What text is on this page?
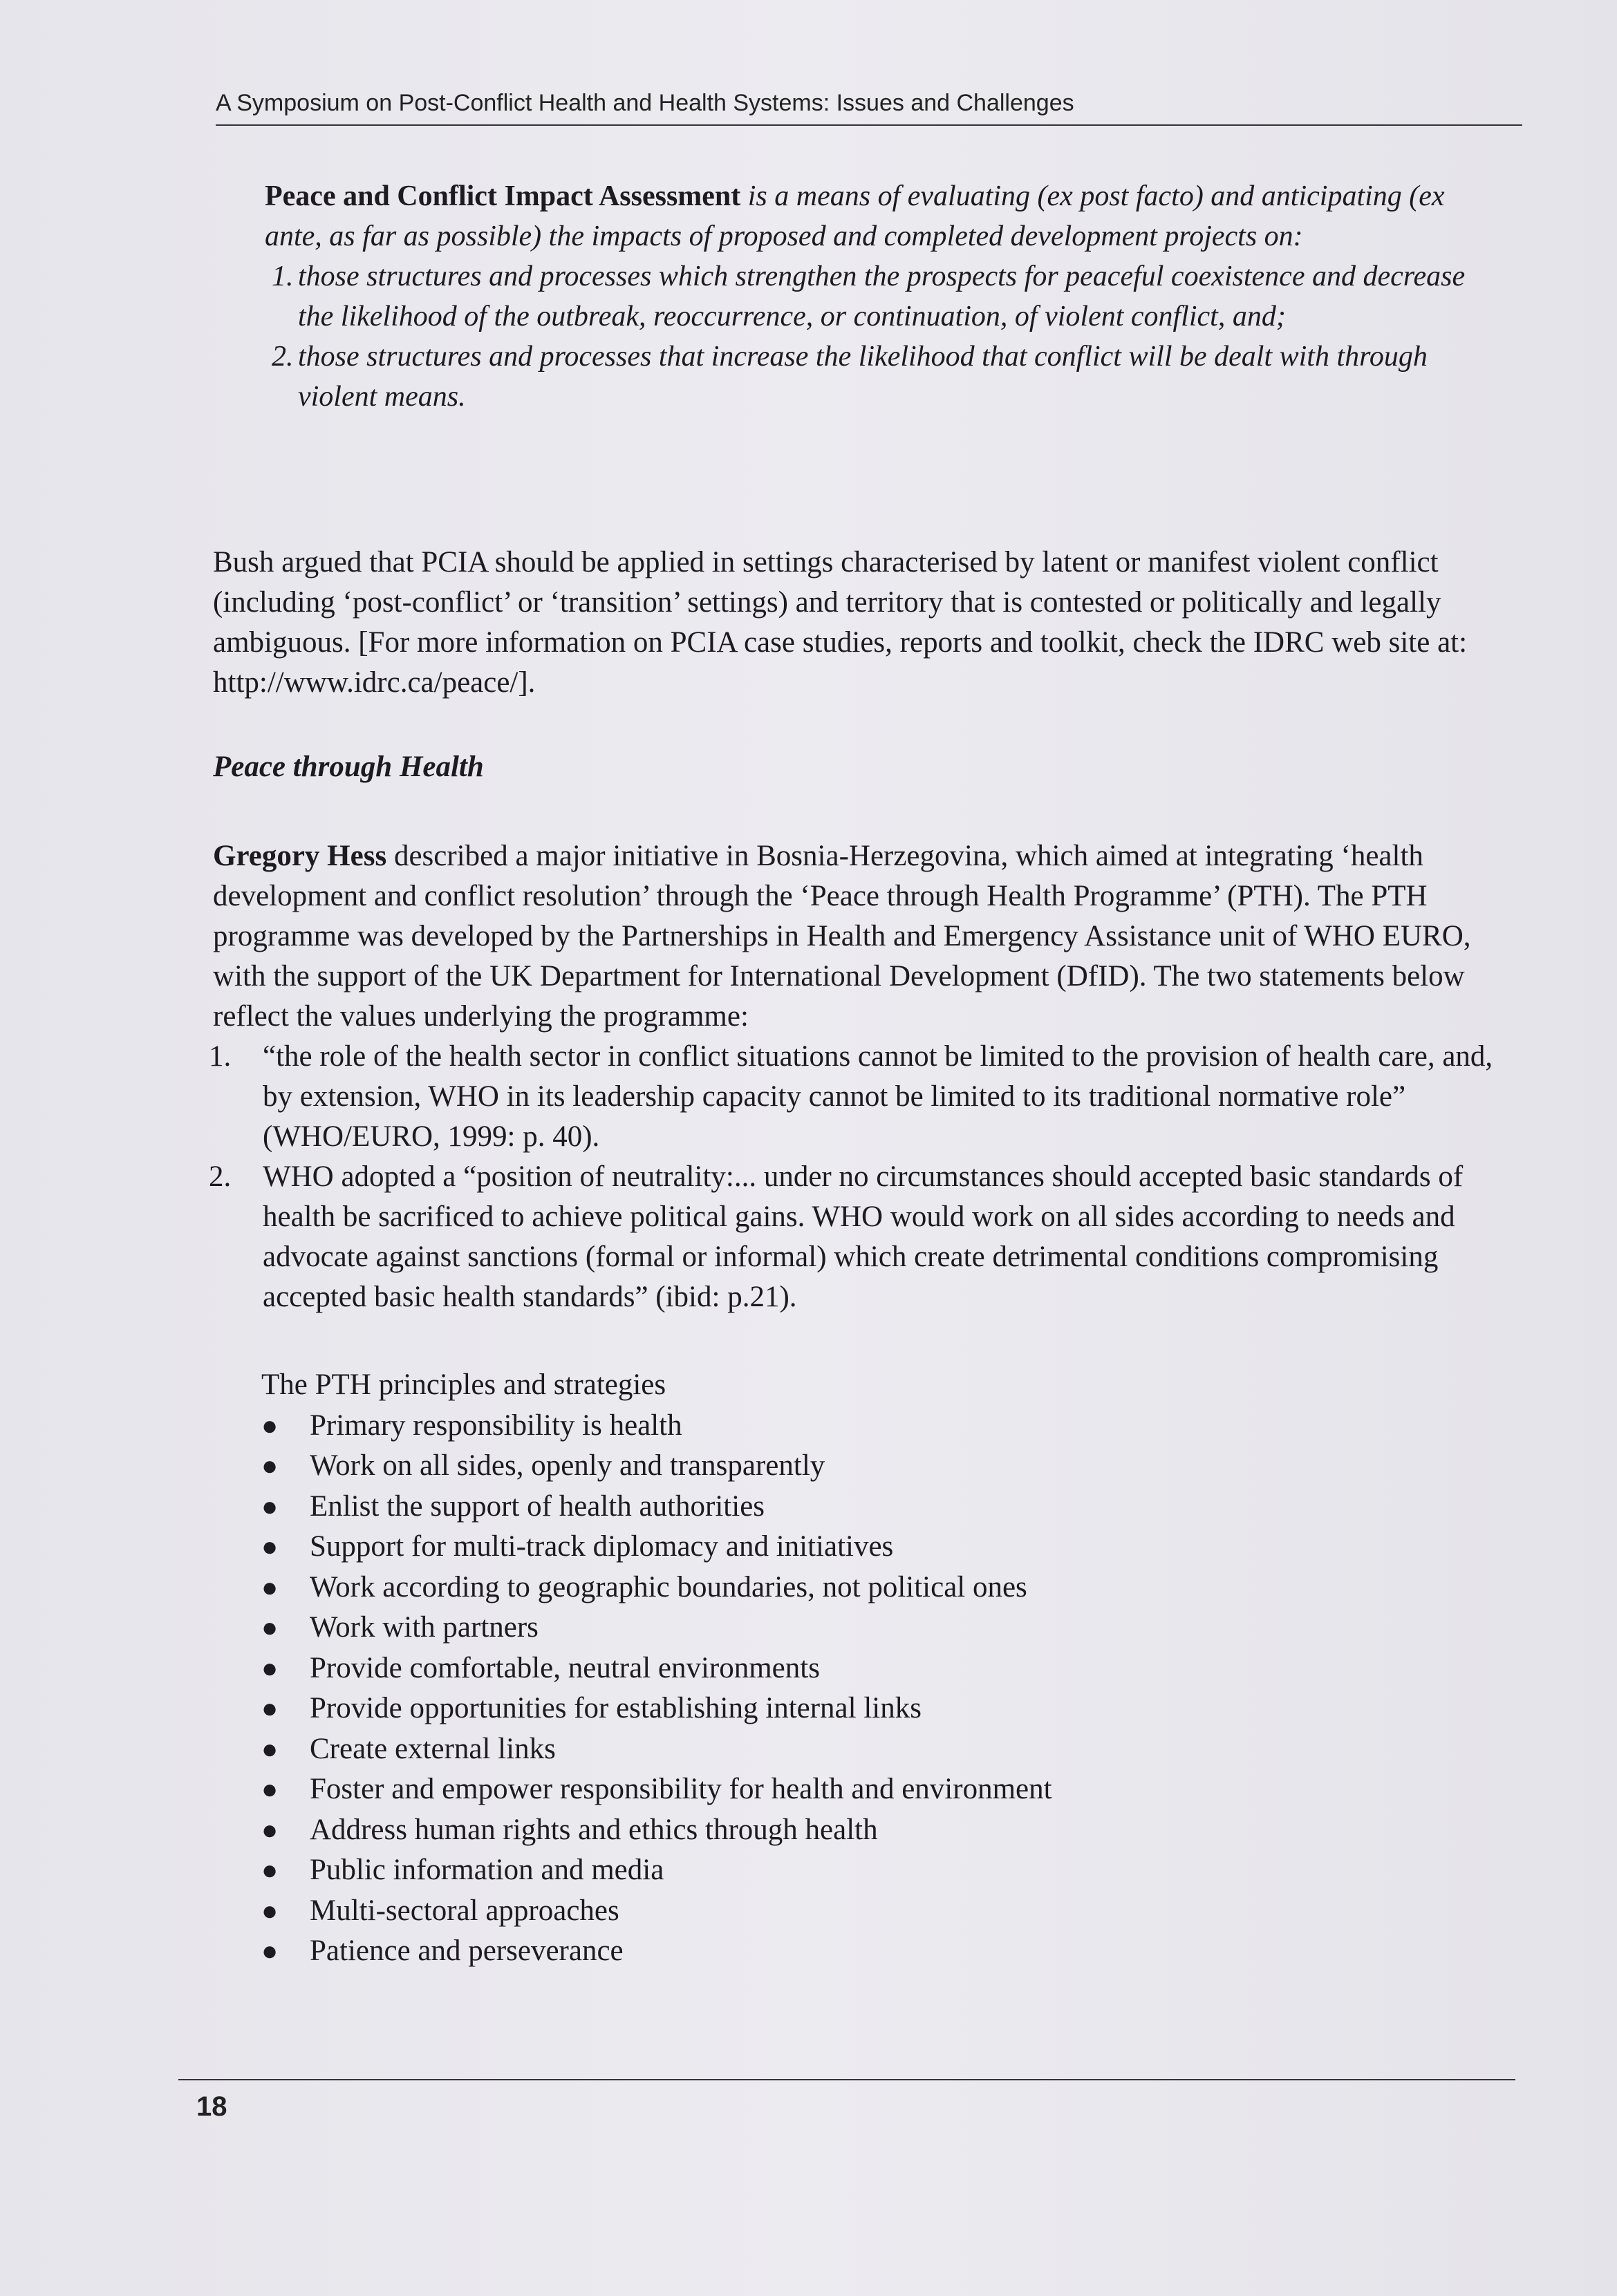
A Symposium on Post-Conflict Health and Health Systems: Issues and Challenges

Peace and Conflict Impact Assessment is a means of evaluating (ex post facto) and anticipating (ex ante, as far as possible) the impacts of proposed and completed development projects on:

1. those structures and processes which strengthen the prospects for peaceful coexistence and decrease the likelihood of the outbreak, reoccurrence, or continuation, of violent conflict, and;
2. those structures and processes that increase the likelihood that conflict will be dealt with through violent means.
Bush argued that PCIA should be applied in settings characterised by latent or manifest violent conflict (including ‘post-conflict’ or ‘transition’ settings) and territory that is contested or politically and legally ambiguous. [For more information on PCIA case studies, reports and toolkit, check the IDRC web site at: http://www.idrc.ca/peace/].
Peace through Health
Gregory Hess described a major initiative in Bosnia-Herzegovina, which aimed at integrating ‘health development and conflict resolution’ through the ‘Peace through Health Programme’ (PTH). The PTH programme was developed by the Partnerships in Health and Emergency Assistance unit of WHO EURO, with the support of the UK Department for International Development (DfID). The two statements below reflect the values underlying the programme:
1. “the role of the health sector in conflict situations cannot be limited to the provision of health care, and, by extension, WHO in its leadership capacity cannot be limited to its traditional normative role” (WHO/EURO, 1999: p. 40).
2. WHO adopted a “position of neutrality:... under no circumstances should accepted basic standards of health be sacrificed to achieve political gains. WHO would work on all sides according to needs and advocate against sanctions (formal or informal) which create detrimental conditions compromising accepted basic health standards” (ibid: p.21).

The PTH principles and strategies

● Primary responsibility is health
● Work on all sides, openly and transparently
● Enlist the support of health authorities
● Support for multi-track diplomacy and initiatives
● Work according to geographic boundaries, not political ones
● Work with partners
● Provide comfortable, neutral environments
● Provide opportunities for establishing internal links
● Create external links
● Foster and empower responsibility for health and environment
● Address human rights and ethics through health
● Public information and media
● Multi-sectoral approaches
● Patience and perseverance
18
